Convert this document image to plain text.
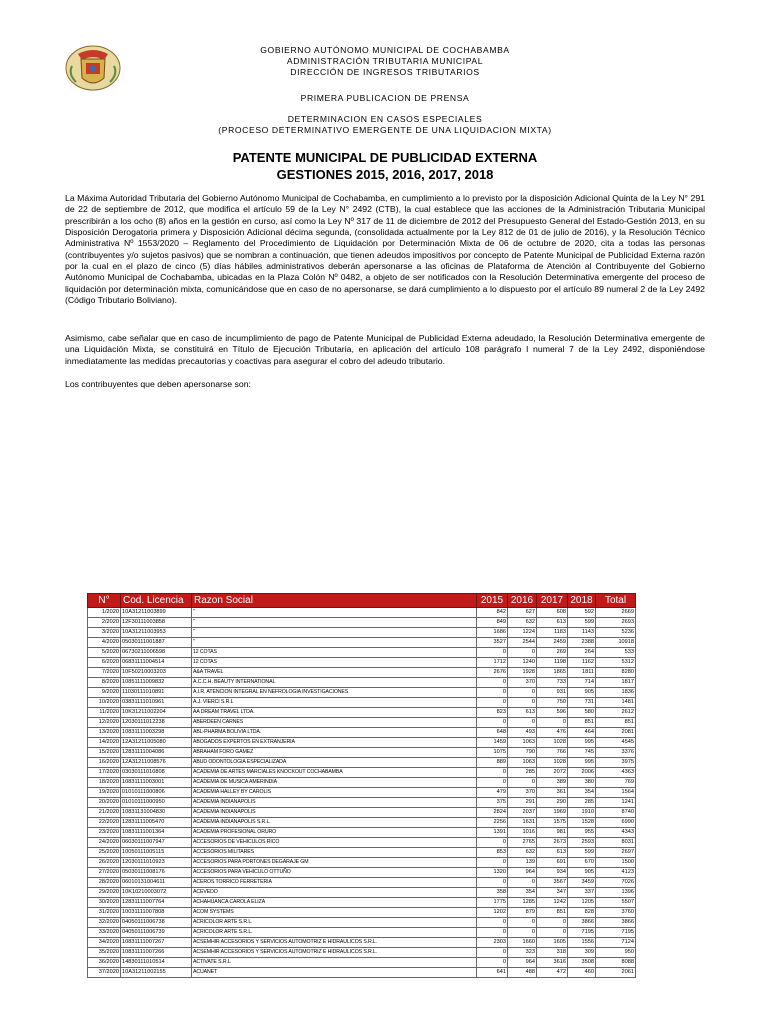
GOBIERNO AUTÓNOMO MUNICIPAL DE COCHABAMBA
ADMINISTRACIÓN TRIBUTARIA MUNICIPAL
DIRECCIÓN DE INGRESOS TRIBUTARIOS
PRIMERA PUBLICACION DE PRENSA
DETERMINACION EN CASOS ESPECIALES
(PROCESO DETERMINATIVO EMERGENTE DE UNA LIQUIDACION MIXTA)
PATENTE MUNICIPAL DE PUBLICIDAD EXTERNA
GESTIONES 2015, 2016, 2017, 2018

La Máxima Autoridad Tributaria del Gobierno Autónomo Municipal de Cochabamba, en cumplimiento a lo previsto por la disposición Adicional Quinta de la Ley N° 291 de 22 de septiembre de 2012, que modifica el artículo 59 de la Ley N° 2492 (CTB), la cual establece que las acciones de la Administración Tributaria Municipal prescribirán a los ocho (8) años en la gestión en curso, así como la Ley Nº 317 de 11 de diciembre de 2012 del Presupuesto General del Estado-Gestión 2013, en su Disposición Derogatoria primera y Disposición Adicional décima segunda, (consolidada actualmente por la Ley 812 de 01 de julio de 2016), y la Resolución Técnico Administrativa Nº 1553/2020 – Reglamento del Procedimiento de Liquidación por Determinación Mixta de 06 de octubre de 2020, cita a todas las personas (contribuyentes y/o sujetos pasivos) que se nombran a continuación, que tienen adeudos impositivos por concepto de Patente Municipal de Publicidad Externa razón por la cual en el plazo de cinco (5) días hábiles administrativos deberán apersonarse a las oficinas de Plataforma de Atención al Contribuyente del Gobierno Autónomo Municipal de Cochabamba, ubicadas en la Plaza Colón Nº 0482, a objeto de ser notificados con la Resolución Determinativa emergente del proceso de liquidación por determinación mixta, comunicándose que en caso de no apersonarse, se dará cumplimiento a lo dispuesto por el artículo 89 numeral 2 de la Ley 2492 (Código Tributario Boliviano).

Asimismo, cabe señalar que en caso de incumplimiento de pago de Patente Municipal de Publicidad Externa adeudado, la Resolución Determinativa emergente de una Liquidación Mixta, se constituirá en Título de Ejecución Tributaria, en aplicación del artículo 108 parágrafo I numeral 7 de la Ley 2492, disponiéndose inmediatamente las medidas precautorias y coactivas para asegurar el cobro del adeudo tributario.

Los contribuyentes que deben apersonarse son:

N°	Cod. Licencia	Razon Social	2015	2016	2017	2018	Total
1/2020	10A31211003899	"	842	627	608	592	2669
2/2020	12F30111003858	"	849	632	613	599	2693
3/2020	10A31211003953	"	1686	1224	1183	1143	5236
4/2020	05030111001887	"	3527	2544	2459	2388	10918
5/2020	06730211006598	12 COTAS	0	0	269	264	533
6/2020	06831111004514	12 COTAS	1712	1240	1198	1162	5312
7/2020	10F50210003203	A&A TRAVEL	2676	1928	1865	1811	8280
8/2020	10851111009832	A.C.C.H. BEAUTY INTERNATIONAL	0	370	733	714	1817
9/2020	11030111010891	A.I.R. ATENCION INTEGRAL EN NEFROLOGIA INVESTIGACIONES	0	0	931	905	1836
10/2020	03831111010961	A.J. VIERCI S.R.L	0	0	750	731	1481
11/2020	10K31211002204	AA DREAM TRAVEL LTDA.	823	613	596	580	2612
12/2020	12030111012238	ABERDEEN CARNES	0	0	0	851	851
13/2020	10831111003298	ABL-PHARMA BOLIVIA LTDA.	648	493	476	464	2081
14/2020	12A31211005080	ABOGADOS EXPERTOS EN EXTRANJERIA	1459	1063	1028	995	4545
15/2020	12831111004086	ABRAHAM FORO GAMEZ	1075	790	766	745	3376
16/2020	12A31211008576	ABUD ODONTOLOGIA ESPECIALIZADA	889	1063	1028	995	3975
17/2020	03030111010808	ACADEMIA DE ARTES MARCIALES KNOCKOUT COCHABAMBA	0	285	2072	2006	4363
18/2020	10831111003001	ACADEMIA DE MUSICA AMERINDIA	0	0	389	380	769
19/2020	01010111000806	ACADEMIA HALLEY BY CAROLIS	479	370	361	354	1564
20/2020	01010111000950	ACADEMIA INDIANAPOLIS	375	291	290	285	1241
21/2020	10831131004830	ACADEMIA INDIANAPOLIS	2824	2037	1969	1910	8740
22/2020	12831111005470	ACADEMIA INDIANAPOLIS S.R.L.	2256	1631	1575	1528	6990
23/2020	10831111001364	ACADEMIA PROFESIONAL ORURO	1391	1016	981	955	4343
24/2020	06030111007947	ACCESORIOS DE VEHICULOS RICO	0	2765	2673	2593	8031
25/2020	10050111005115	ACCESORIOS MILITARES	853	632	613	599	2697
26/2020	12030111010923	ACCESORIOS PARA PORTONES DEGARAJE GM	0	139	691	670	1500
27/2020	05030111008176	ACCESORIOS PARA VEHICULO OTTUÑO	1320	964	934	905	4123
28/2020	06010131004611	ACEROS TORRICO FERRETERIA	0	0	3567	3459	7026
29/2020	10K10210003072	ACEVEDO	358	354	347	337	1396
30/2020	12831111007764	ACHAHUANCA CAROLA ELIZA	1775	1285	1242	1205	5507
31/2020	10031111007808	ACOM SYSTEMS	1202	879	851	828	3760
32/2020	04050111006738	ACRICOLOR ARTE S.R.L.	0	0	0	3866	3866
33/2020	04050111006739	ACRICOLOR ARTE S.R.L.	0	0	0	7195	7195
34/2020	10831111007267	ACSEMHIR ACCESORIOS Y SERVICIOS AUTOMOTRIZ E HIDRAULICOS S.R.L.	2303	1660	1605	1556	7124
35/2020	10831111007266	ACSEMHIR ACCESORIOS Y SERVICIOS AUTOMOTRIZ E HIDRAULICOS S.R.L.	0	323	318	309	950
36/2020	14830111010514	ACTIVATE S.R.L	0	964	3616	3508	8088
37/2020	10A31211002155	ACUANET	641	488	472	460	2061
